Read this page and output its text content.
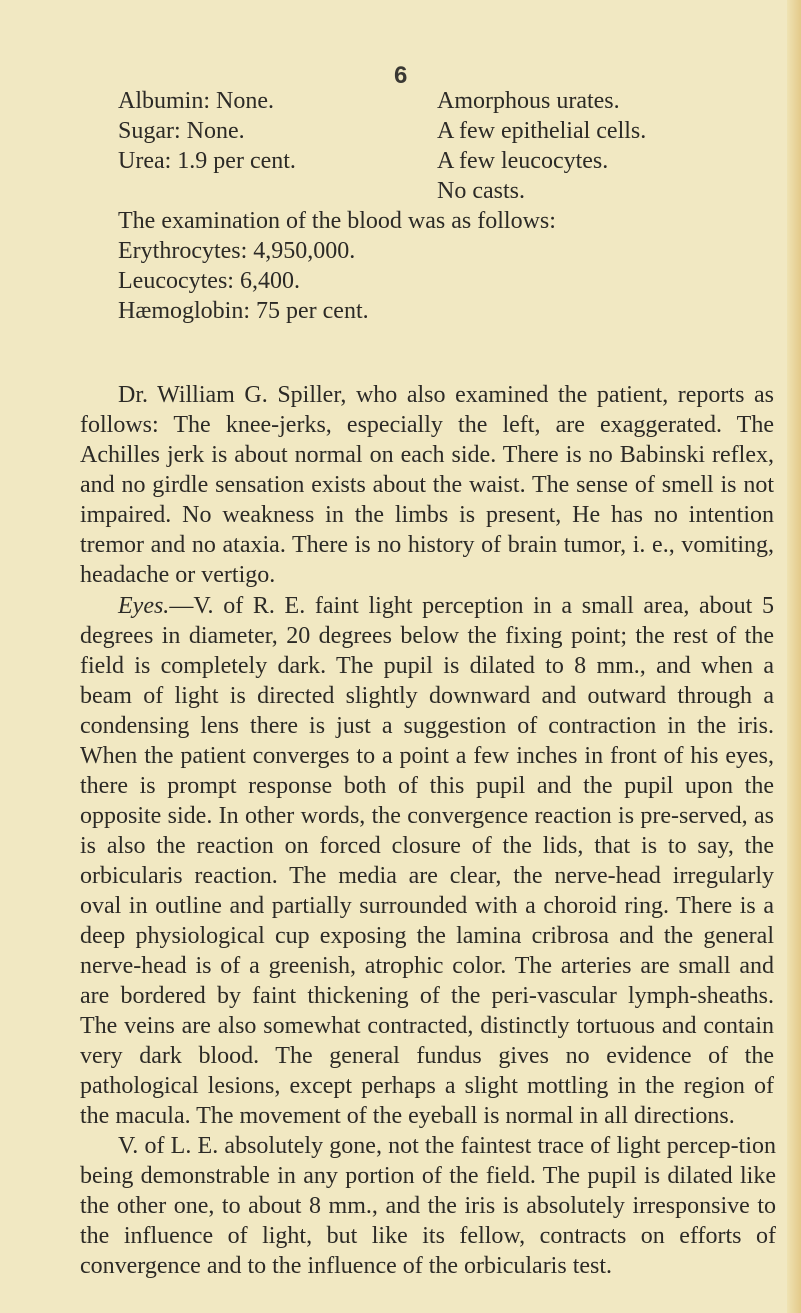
6
Albumin: None.
Sugar: None.
Urea: 1.9 per cent.
Amorphous urates.
A few epithelial cells.
A few leucocytes.
No casts.
The examination of the blood was as follows:
Erythrocytes: 4,950,000.
Leucocytes: 6,400.
Hæmoglobin: 75 per cent.

Dr. William G. Spiller, who also examined the patient, reports as follows: The knee-jerks, especially the left, are exaggerated. The Achilles jerk is about normal on each side. There is no Babinski reflex, and no girdle sensation exists about the waist. The sense of smell is not impaired. No weakness in the limbs is present, He has no intention tremor and no ataxia. There is no history of brain tumor, i. e., vomiting, headache or vertigo.

Eyes.—V. of R. E. faint light perception in a small area, about 5 degrees in diameter, 20 degrees below the fixing point; the rest of the field is completely dark. The pupil is dilated to 8 mm., and when a beam of light is directed slightly downward and outward through a condensing lens there is just a suggestion of contraction in the iris. When the patient converges to a point a few inches in front of his eyes, there is prompt response both of this pupil and the pupil upon the opposite side. In other words, the convergence reaction is pre-served, as is also the reaction on forced closure of the lids, that is to say, the orbicularis reaction. The media are clear, the nerve-head irregularly oval in outline and partially surrounded with a choroid ring. There is a deep physiological cup exposing the lamina cribrosa and the general nerve-head is of a greenish, atrophic color. The arteries are small and are bordered by faint thickening of the peri-vascular lymph-sheaths. The veins are also somewhat contracted, distinctly tortuous and contain very dark blood. The general fundus gives no evidence of the pathological lesions, except perhaps a slight mottling in the region of the macula. The movement of the eyeball is normal in all directions.

V. of L. E. absolutely gone, not the faintest trace of light percep-tion being demonstrable in any portion of the field. The pupil is dilated like the other one, to about 8 mm., and the iris is absolutely irresponsive to the influence of light, but like its fellow, contracts on efforts of convergence and to the influence of the orbicularis test.
